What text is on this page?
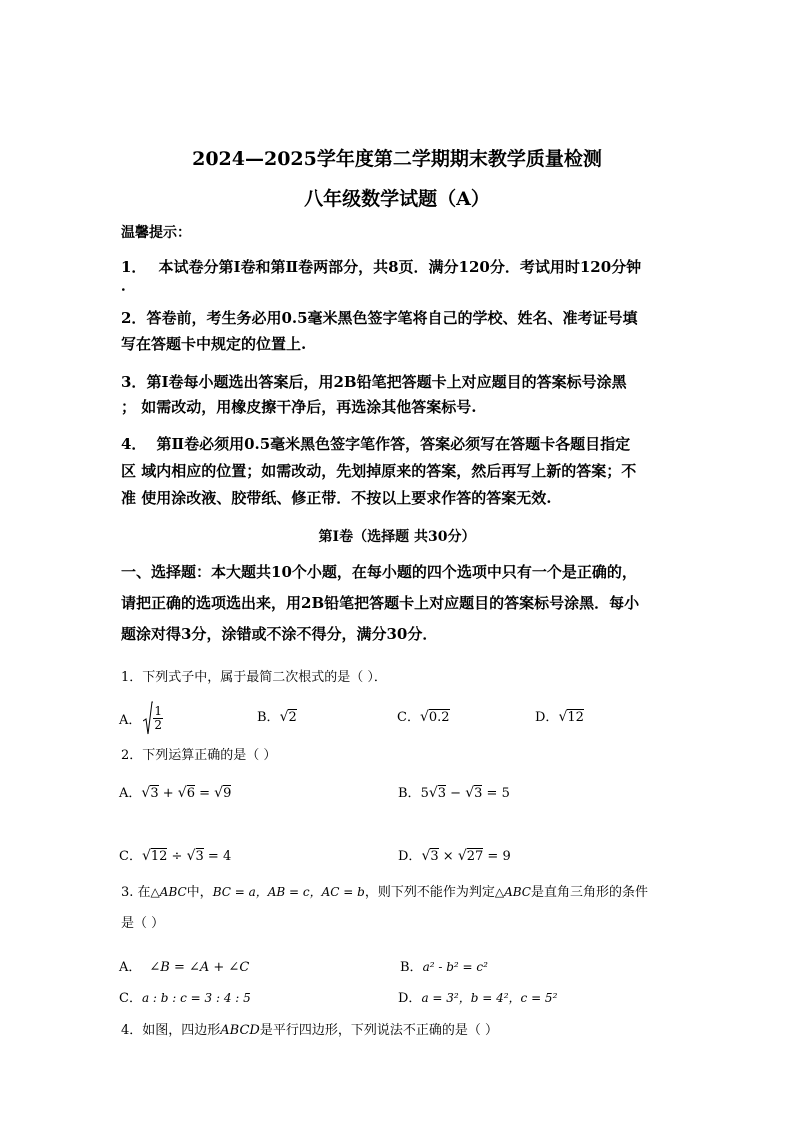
2024—2025学年度第二学期期末教学质量检测
八年级数学试题（A）
温馨提示：
1． 本试卷分第Ⅰ卷和第Ⅱ卷两部分，共8页．满分120分．考试用时120分钟
．
2．答卷前，考生务必用0.5毫米黑色签字笔将自己的学校、姓名、准考证号填
写在答题卡中规定的位置上.
3．第Ⅰ卷每小题选出答案后，用2B铅笔把答题卡上对应题目的答案标号涂黑
； 如需改动，用橡皮擦干净后，再选涂其他答案标号.
4． 第Ⅱ卷必须用0.5毫米黑色签字笔作答，答案必须写在答题卡各题目指定
区 域内相应的位置；如需改动，先划掉原来的答案，然后再写上新的答案；不
准 使用涂改液、胶带纸、修正带．不按以上要求作答的答案无效.
第Ⅰ卷（选择题 共30分）
一、选择题：本大题共10个小题，在每小题的四个选项中只有一个是正确的，
请把正确的选项选出来，用2B铅笔把答题卡上对应题目的答案标号涂黑．每小
题涂对得3分，涂错或不涂不得分，满分30分．
1．下列式子中，属于最简二次根式的是（ ）．
A． $\frac{1}{2}$	B．√2	C．√0.2	D．√12
2．下列运算正确的是（ ）
A．√3 + √6 = √9	B．5√3 − √3 = 5
C．√12 ÷ √3 = 4	D．√3 × √27 = 9
3. 在△ABC中，BC = a，AB = c，AC = b，则下列不能作为判定△ABC是直角三角形的条件
是（ ）
A． ∠B = ∠A + ∠C	B．a² - b² = c²
C．a : b : c = 3 : 4 : 5	D．a = 3²，b = 4²，c = 5²
4．如图，四边形ABCD是平行四边形，下列说法不正确的是（ ）
